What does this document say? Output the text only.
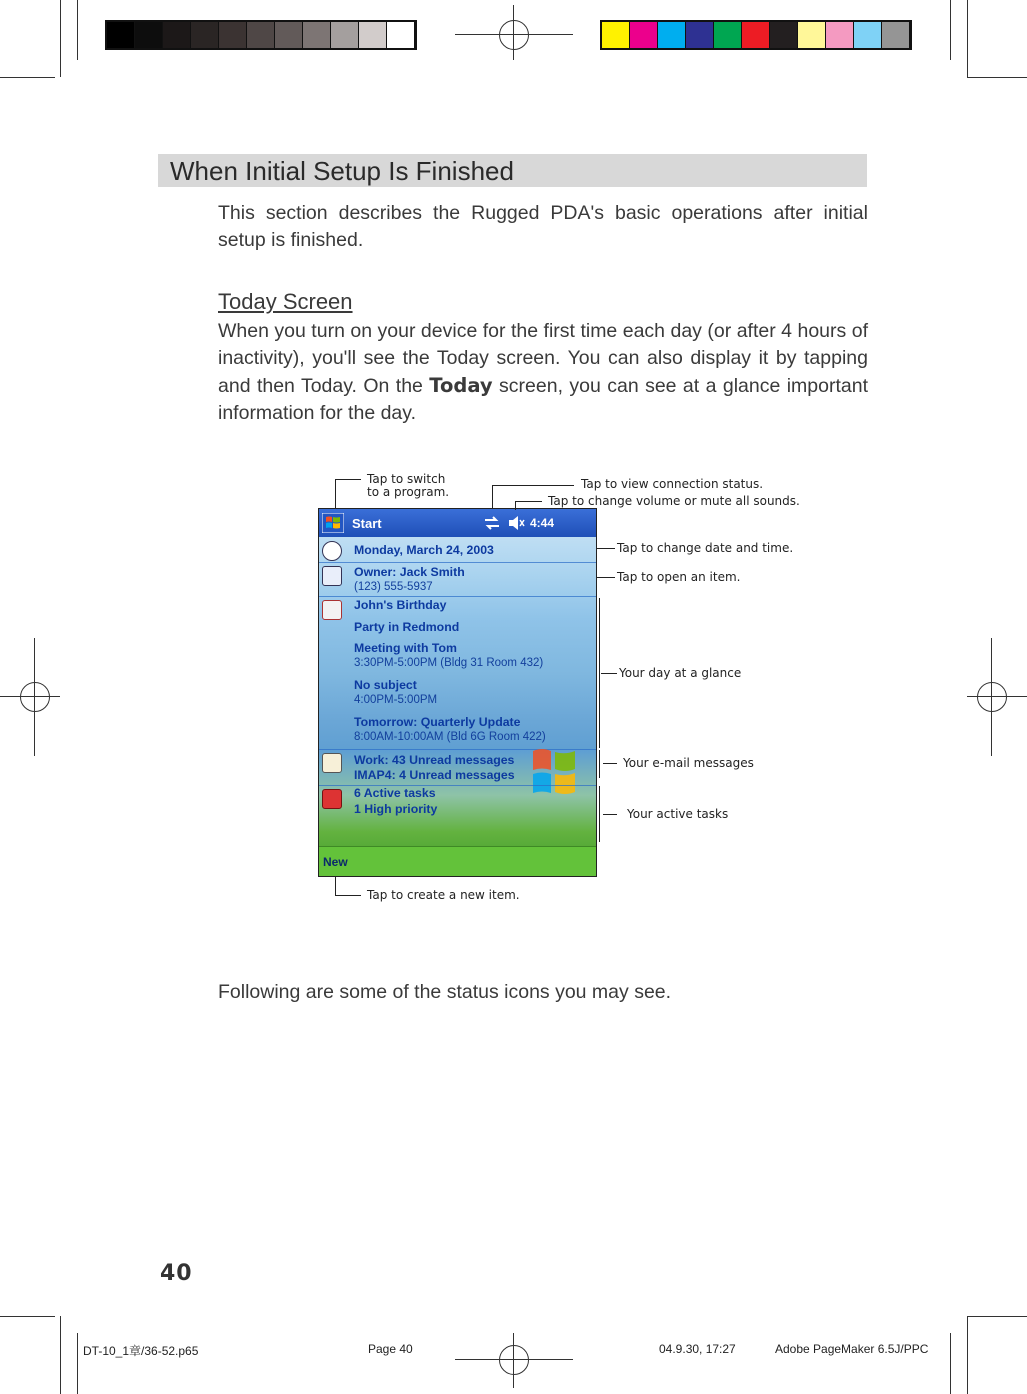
When Initial Setup Is Finished
This section describes the Rugged PDA's basic operations after initial setup is finished.
Today Screen
When you turn on your device for the first time each day (or after 4 hours of inactivity), you'll see the Today screen. You can also display it by tapping and then Today. On the Today screen, you can see at a glance important information for the day.
Start	4:44
Monday, March 24, 2003
Owner: Jack Smith
(123) 555-5937
John's Birthday
Party in Redmond
Meeting with Tom
3:30PM-5:00PM (Bldg 31 Room 432)
No subject
4:00PM-5:00PM
Tomorrow: Quarterly Update
8:00AM-10:00AM (Bld 6G Room 422)
Work: 43 Unread messages
IMAP4: 4 Unread messages
6 Active tasks
1 High priority
New
Tap to switch
to a program.
Tap to view connection status.
Tap to change volume or mute all sounds.
Tap to change date and time.
Tap to open an item.
Your day at a glance
Your e-mail messages
Your active tasks
Tap to create a new item.
Following are some of the status icons you may see.
40
DT-10_1章/36-52.p65	Page 40	04.9.30, 17:27	Adobe PageMaker 6.5J/PPC
